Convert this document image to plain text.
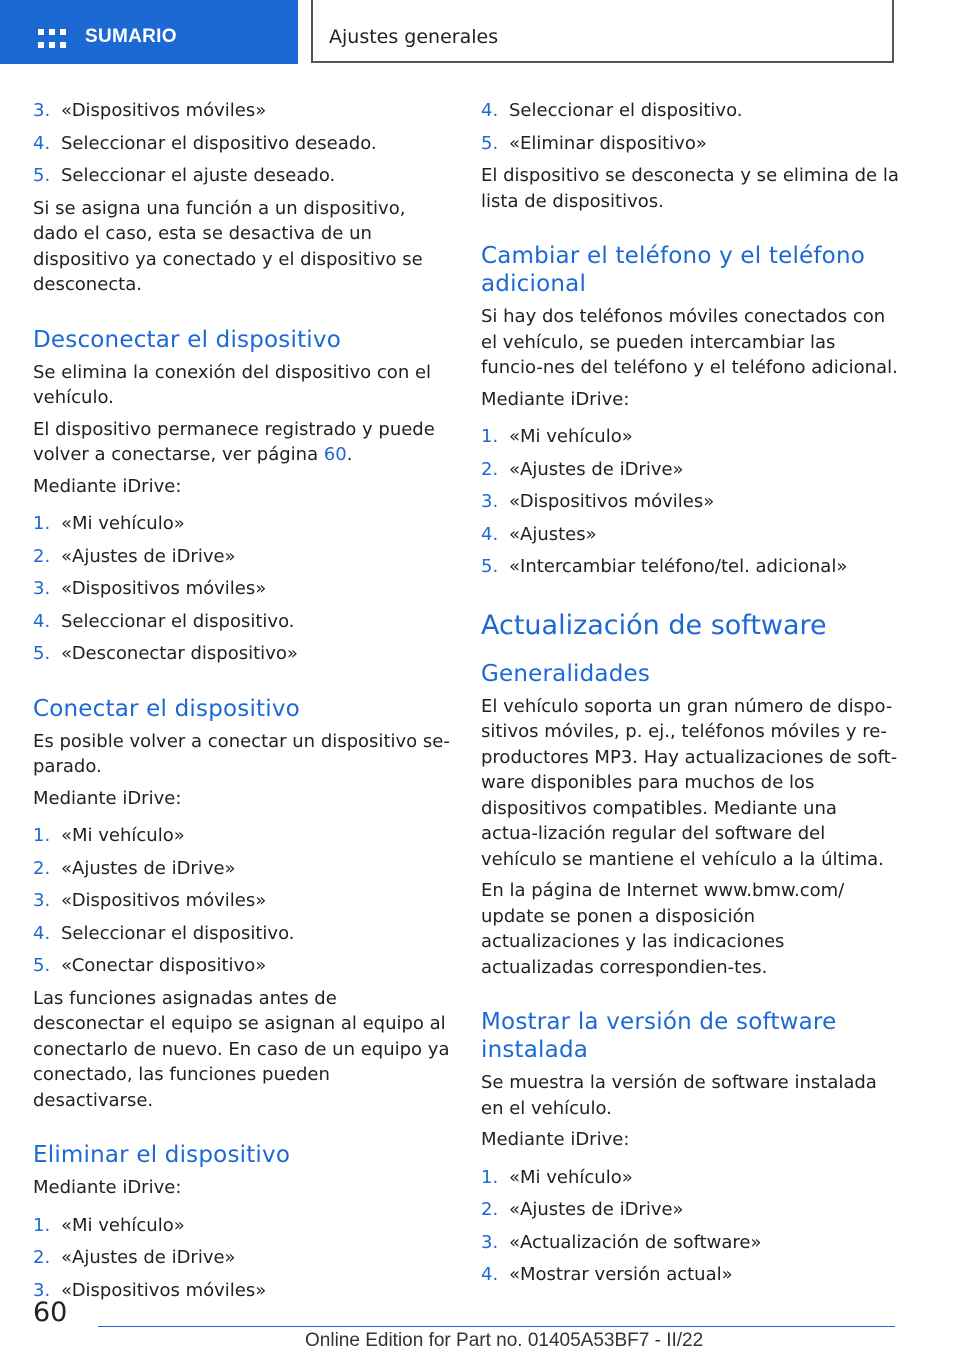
SUMARIO	Ajustes generales
3. «Dispositivos móviles»
4. Seleccionar el dispositivo deseado.
5. Seleccionar el ajuste deseado.

Si se asigna una función a un dispositivo, dado el caso, esta se desactiva de un dispositivo ya conectado y el dispositivo se desconecta.

Desconectar el dispositivo

Se elimina la conexión del dispositivo con el vehículo.

El dispositivo permanece registrado y puede volver a conectarse, ver página 60.

Mediante iDrive:

1. «Mi vehículo»
2. «Ajustes de iDrive»
3. «Dispositivos móviles»
4. Seleccionar el dispositivo.
5. «Desconectar dispositivo»
Conectar el dispositivo

Es posible volver a conectar un dispositivo se-parado.

Mediante iDrive:

1. «Mi vehículo»
2. «Ajustes de iDrive»
3. «Dispositivos móviles»
4. Seleccionar el dispositivo.
5. «Conectar dispositivo»

Las funciones asignadas antes de desconectar el equipo se asignan al equipo al conectarlo de nuevo. En caso de un equipo ya conectado, las funciones pueden desactivarse.

Eliminar el dispositivo

Mediante iDrive:

1. «Mi vehículo»
2. «Ajustes de iDrive»
3. «Dispositivos móviles»
4. Seleccionar el dispositivo.
5. «Eliminar dispositivo»

El dispositivo se desconecta y se elimina de la lista de dispositivos.

Cambiar el teléfono y el teléfono adicional

Si hay dos teléfonos móviles conectados con el vehículo, se pueden intercambiar las funcio-nes del teléfono y el teléfono adicional.

Mediante iDrive:

1. «Mi vehículo»
2. «Ajustes de iDrive»
3. «Dispositivos móviles»
4. «Ajustes»
5. «Intercambiar teléfono/tel. adicional»
Actualización de software
Generalidades

El vehículo soporta un gran número de dispo-sitivos móviles, p. ej., teléfonos móviles y re-productores MP3. Hay actualizaciones de soft-ware disponibles para muchos de los dispositivos compatibles. Mediante una actua-lización regular del software del vehículo se mantiene el vehículo a la última.

En la página de Internet www.bmw.com/ update se ponen a disposición actualizaciones y las indicaciones actualizadas correspondien-tes.

Mostrar la versión de software instalada

Se muestra la versión de software instalada en el vehículo.

Mediante iDrive:

1. «Mi vehículo»
2. «Ajustes de iDrive»
3. «Actualización de software»
4. «Mostrar versión actual»
60
Online Edition for Part no. 01405A53BF7 - II/22
